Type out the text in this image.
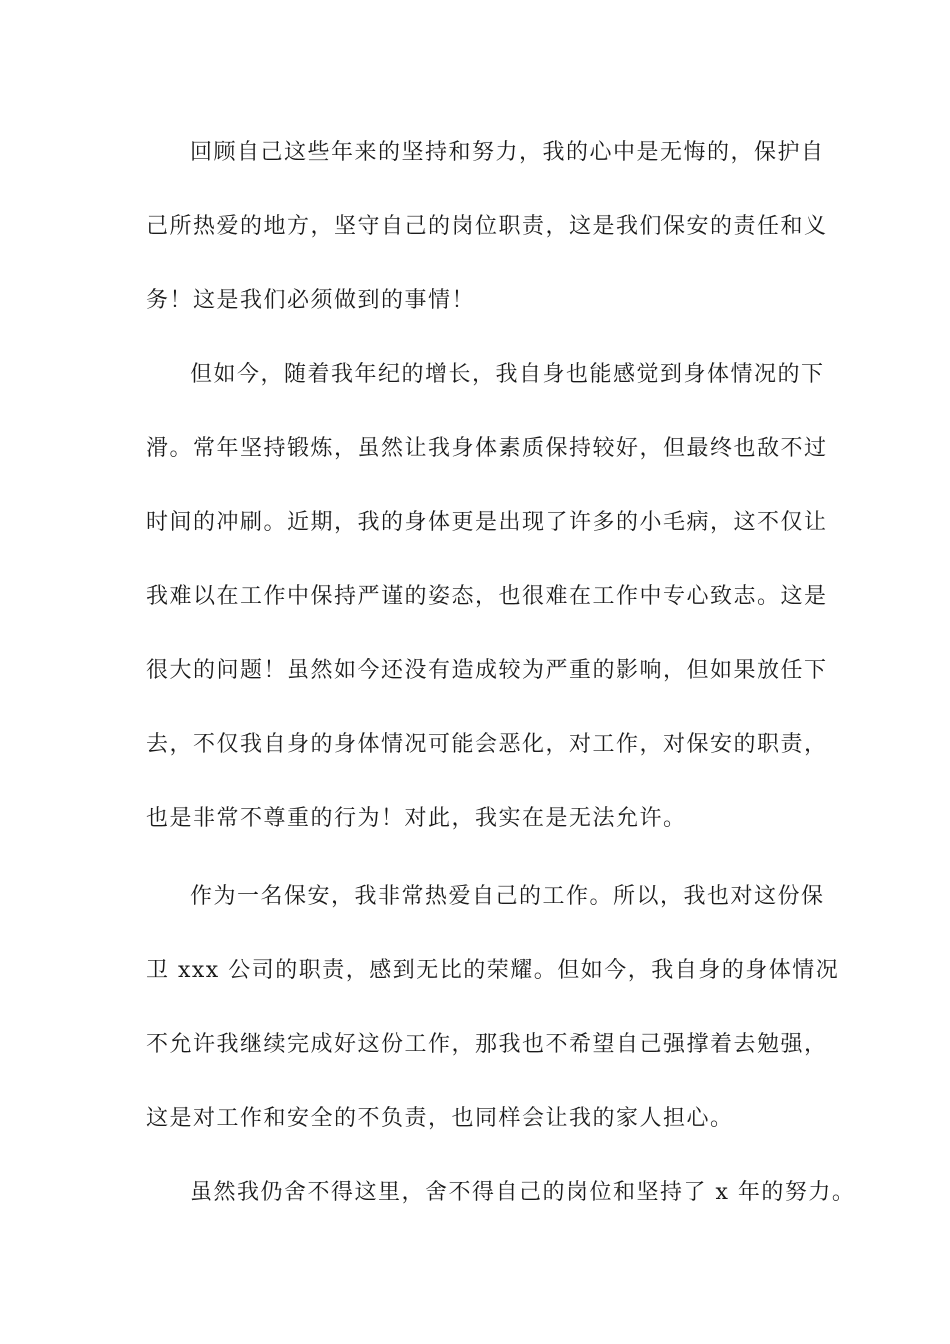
回顾自己这些年来的坚持和努力，我的心中是无悔的，保护自
己所热爱的地方，坚守自己的岗位职责，这是我们保安的责任和义
务！这是我们必须做到的事情！
但如今，随着我年纪的增长，我自身也能感觉到身体情况的下
滑。常年坚持锻炼，虽然让我身体素质保持较好，但最终也敌不过
时间的冲刷。近期，我的身体更是出现了许多的小毛病，这不仅让
我难以在工作中保持严谨的姿态，也很难在工作中专心致志。这是
很大的问题！虽然如今还没有造成较为严重的影响，但如果放任下
去，不仅我自身的身体情况可能会恶化，对工作，对保安的职责，
也是非常不尊重的行为！对此，我实在是无法允许。
作为一名保安，我非常热爱自己的工作。所以，我也对这份保
卫 xxx 公司的职责，感到无比的荣耀。但如今，我自身的身体情况
不允许我继续完成好这份工作，那我也不希望自己强撑着去勉强，
这是对工作和安全的不负责，也同样会让我的家人担心。
虽然我仍舍不得这里，舍不得自己的岗位和坚持了 x 年的努力。
